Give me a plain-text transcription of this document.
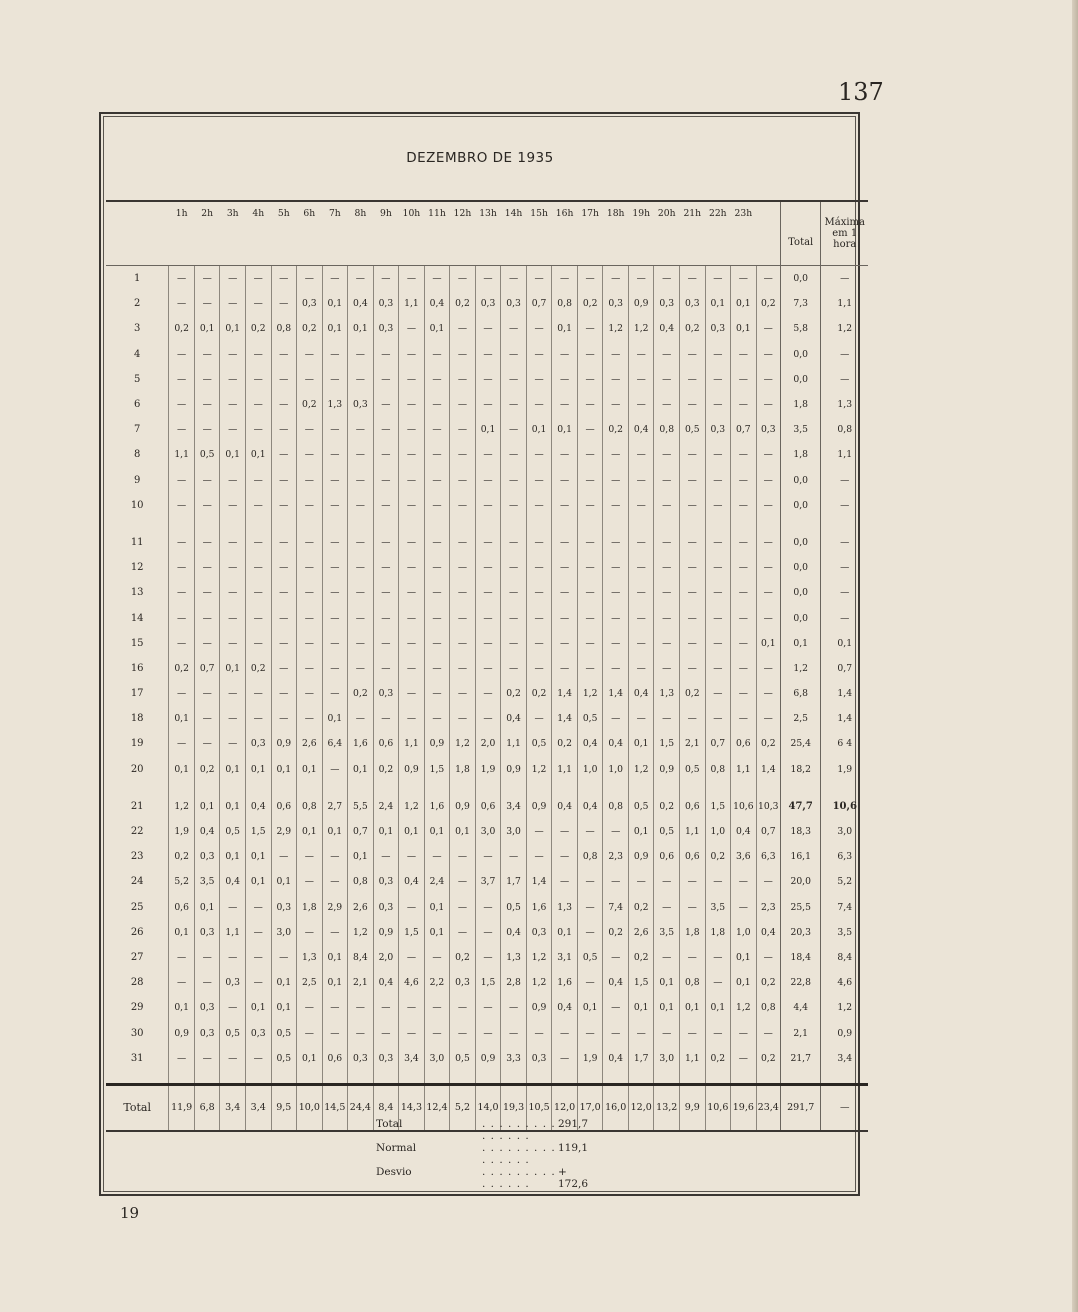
137
DEZEMBRO DE 1935
	1h	2h	3h	4h	5h	6h	7h	8h	9h	10h	11h	12h	13h	14h	15h	16h	17h	18h	19h	20h	21h	22h	23h		Total	Máxima em 1 hora
1	—	—	—	—	—	—	—	—	—	—	—	—	—	—	—	—	—	—	—	—	—	—	—	—	0,0	—
2	—	—	—	—	—	0,3	0,1	0,4	0,3	1,1	0,4	0,2	0,3	0,3	0,7	0,8	0,2	0,3	0,9	0,3	0,3	0,1	0,1	0,2	7,3	1,1
3	0,2	0,1	0,1	0,2	0,8	0,2	0,1	0,1	0,3	—	0,1	—	—	—	—	0,1	—	1,2	1,2	0,4	0,2	0,3	0,1	—	5,8	1,2
4	—	—	—	—	—	—	—	—	—	—	—	—	—	—	—	—	—	—	—	—	—	—	—	—	0,0	—
5	—	—	—	—	—	—	—	—	—	—	—	—	—	—	—	—	—	—	—	—	—	—	—	—	0,0	—
6	—	—	—	—	—	0,2	1,3	0,3	—	—	—	—	—	—	—	—	—	—	—	—	—	—	—	—	1,8	1,3
7	—	—	—	—	—	—	—	—	—	—	—	—	0,1	—	0,1	0,1	—	0,2	0,4	0,8	0,5	0,3	0,7	0,3	3,5	0,8
8	1,1	0,5	0,1	0,1	—	—	—	—	—	—	—	—	—	—	—	—	—	—	—	—	—	—	—	—	1,8	1,1
9	—	—	—	—	—	—	—	—	—	—	—	—	—	—	—	—	—	—	—	—	—	—	—	—	0,0	—
10	—	—	—	—	—	—	—	—	—	—	—	—	—	—	—	—	—	—	—	—	—	—	—	—	0,0	—

11	—	—	—	—	—	—	—	—	—	—	—	—	—	—	—	—	—	—	—	—	—	—	—	—	0,0	—
12	—	—	—	—	—	—	—	—	—	—	—	—	—	—	—	—	—	—	—	—	—	—	—	—	0,0	—
13	—	—	—	—	—	—	—	—	—	—	—	—	—	—	—	—	—	—	—	—	—	—	—	—	0,0	—
14	—	—	—	—	—	—	—	—	—	—	—	—	—	—	—	—	—	—	—	—	—	—	—	—	0,0	—
15	—	—	—	—	—	—	—	—	—	—	—	—	—	—	—	—	—	—	—	—	—	—	—	0,1	0,1	0,1
16	0,2	0,7	0,1	0,2	—	—	—	—	—	—	—	—	—	—	—	—	—	—	—	—	—	—	—	—	1,2	0,7
17	—	—	—	—	—	—	—	0,2	0,3	—	—	—	—	0,2	0,2	1,4	1,2	1,4	0,4	1,3	0,2	—	—	—	6,8	1,4
18	0,1	—	—	—	—	—	0,1	—	—	—	—	—	—	0,4	—	1,4	0,5	—	—	—	—	—	—	—	2,5	1,4
19	—	—	—	0,3	0,9	2,6	6,4	1,6	0,6	1,1	0,9	1,2	2,0	1,1	0,5	0,2	0,4	0,4	0,1	1,5	2,1	0,7	0,6	0,2	25,4	6 4
20	0,1	0,2	0,1	0,1	0,1	0,1	—	0,1	0,2	0,9	1,5	1,8	1,9	0,9	1,2	1,1	1,0	1,0	1,2	0,9	0,5	0,8	1,1	1,4	18,2	1,9

21	1,2	0,1	0,1	0,4	0,6	0,8	2,7	5,5	2,4	1,2	1,6	0,9	0,6	3,4	0,9	0,4	0,4	0,8	0,5	0,2	0,6	1,5	10,6	10,3	47,7	10,6
22	1,9	0,4	0,5	1,5	2,9	0,1	0,1	0,7	0,1	0,1	0,1	0,1	3,0	3,0	—	—	—	—	0,1	0,5	1,1	1,0	0,4	0,7	18,3	3,0
23	0,2	0,3	0,1	0,1	—	—	—	0,1	—	—	—	—	—	—	—	—	0,8	2,3	0,9	0,6	0,6	0,2	3,6	6,3	16,1	6,3
24	5,2	3,5	0,4	0,1	0,1	—	—	0,8	0,3	0,4	2,4	—	3,7	1,7	1,4	—	—	—	—	—	—	—	—	—	20,0	5,2
25	0,6	0,1	—	—	0,3	1,8	2,9	2,6	0,3	—	0,1	—	—	0,5	1,6	1,3	—	7,4	0,2	—	—	3,5	—	2,3	25,5	7,4
26	0,1	0,3	1,1	—	3,0	—	—	1,2	0,9	1,5	0,1	—	—	0,4	0,3	0,1	—	0,2	2,6	3,5	1,8	1,8	1,0	0,4	20,3	3,5
27	—	—	—	—	—	1,3	0,1	8,4	2,0	—	—	0,2	—	1,3	1,2	3,1	0,5	—	0,2	—	—	—	0,1	—	18,4	8,4
28	—	—	0,3	—	0,1	2,5	0,1	2,1	0,4	4,6	2,2	0,3	1,5	2,8	1,2	1,6	—	0,4	1,5	0,1	0,8	—	0,1	0,2	22,8	4,6
29	0,1	0,3	—	0,1	0,1	—	—	—	—	—	—	—	—	—	0,9	0,4	0,1	—	0,1	0,1	0,1	0,1	1,2	0,8	4,4	1,2
30	0,9	0,3	0,5	0,3	0,5	—	—	—	—	—	—	—	—	—	—	—	—	—	—	—	—	—	—	—	2,1	0,9
31	—	—	—	—	0,5	0,1	0,6	0,3	0,3	3,4	3,0	0,5	0,9	3,3	0,3	—	1,9	0,4	1,7	3,0	1,1	0,2	—	0,2	21,7	3,4

Total	11,9	6,8	3,4	3,4	9,5	10,0	14,5	24,4	8,4	14,3	12,4	5,2	14,0	19,3	10,5	12,0	17,0	16,0	12,0	13,2	9,9	10,6	19,6	23,4	291,7	—
Total	. . . . . . . . . . . . . . .
291,7
Normal	. . . . . . . . . . . . . . .
119,1
Desvio	. . . . . . . . . . . . . . .
+ 172,6
19
